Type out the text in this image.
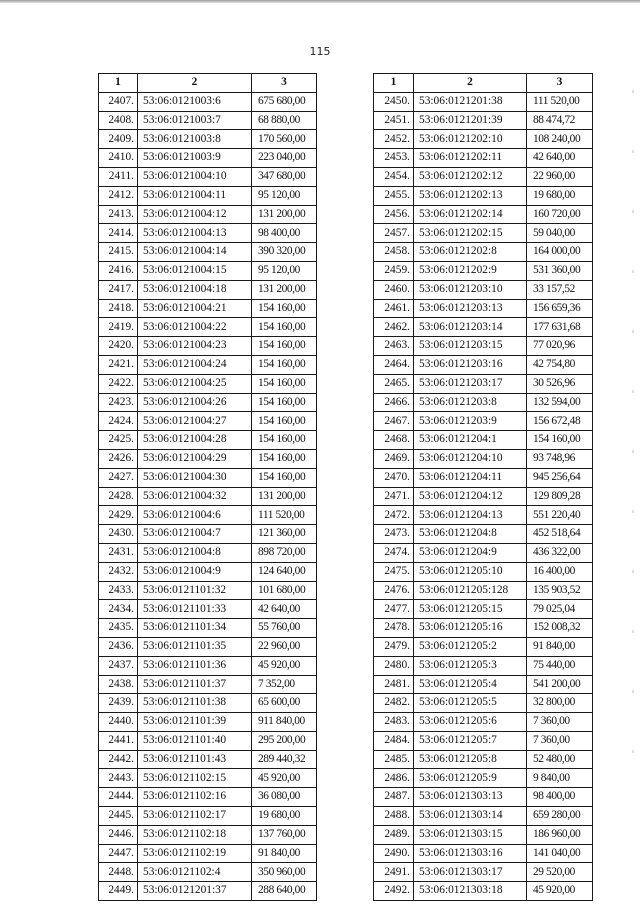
115
1	2	3
2407.	53:06:0121003:6	675 680,00
2408.	53:06:0121003:7	68 880,00
2409.	53:06:0121003:8	170 560,00
2410.	53:06:0121003:9	223 040,00
2411.	53:06:0121004:10	347 680,00
2412.	53:06:0121004:11	95 120,00
2413.	53:06:0121004:12	131 200,00
2414.	53:06:0121004:13	98 400,00
2415.	53:06:0121004:14	390 320,00
2416.	53:06:0121004:15	95 120,00
2417.	53:06:0121004:18	131 200,00
2418.	53:06:0121004:21	154 160,00
2419.	53:06:0121004:22	154 160,00
2420.	53:06:0121004:23	154 160,00
2421.	53:06:0121004:24	154 160,00
2422.	53:06:0121004:25	154 160,00
2423.	53:06:0121004:26	154 160,00
2424.	53:06:0121004:27	154 160,00
2425.	53:06:0121004:28	154 160,00
2426.	53:06:0121004:29	154 160,00
2427.	53:06:0121004:30	154 160,00
2428.	53:06:0121004:32	131 200,00
2429.	53:06:0121004:6	111 520,00
2430.	53:06:0121004:7	121 360,00
2431.	53:06:0121004:8	898 720,00
2432.	53:06:0121004:9	124 640,00
2433.	53:06:0121101:32	101 680,00
2434.	53:06:0121101:33	42 640,00
2435.	53:06:0121101:34	55 760,00
2436.	53:06:0121101:35	22 960,00
2437.	53:06:0121101:36	45 920,00
2438.	53:06:0121101:37	7 352,00
2439.	53:06:0121101:38	65 600,00
2440.	53:06:0121101:39	911 840,00
2441.	53:06:0121101:40	295 200,00
2442.	53:06:0121101:43	289 440,32
2443.	53:06:0121102:15	45 920,00
2444.	53:06:0121102:16	36 080,00
2445.	53:06:0121102:17	19 680,00
2446.	53:06:0121102:18	137 760,00
2447.	53:06:0121102:19	91 840,00
2448.	53:06:0121102:4	350 960,00
2449.	53:06:0121201:37	288 640,00
1	2	3
2450.	53:06:0121201:38	111 520,00
2451.	53:06:0121201:39	88 474,72
2452.	53:06:0121202:10	108 240,00
2453.	53:06:0121202:11	42 640,00
2454.	53:06:0121202:12	22 960,00
2455.	53:06:0121202:13	19 680,00
2456.	53:06:0121202:14	160 720,00
2457.	53:06:0121202:15	59 040,00
2458.	53:06:0121202:8	164 000,00
2459.	53:06:0121202:9	531 360,00
2460.	53:06:0121203:10	33 157,52
2461.	53:06:0121203:13	156 659,36
2462.	53:06:0121203:14	177 631,68
2463.	53:06:0121203:15	77 020,96
2464.	53:06:0121203:16	42 754,80
2465.	53:06:0121203:17	30 526,96
2466.	53:06:0121203:8	132 594,00
2467.	53:06:0121203:9	156 672,48
2468.	53:06:0121204:1	154 160,00
2469.	53:06:0121204:10	93 748,96
2470.	53:06:0121204:11	945 256,64
2471.	53:06:0121204:12	129 809,28
2472.	53:06:0121204:13	551 220,40
2473.	53:06:0121204:8	452 518,64
2474.	53:06:0121204:9	436 322,00
2475.	53:06:0121205:10	16 400,00
2476.	53:06:0121205:128	135 903,52
2477.	53:06:0121205:15	79 025,04
2478.	53:06:0121205:16	152 008,32
2479.	53:06:0121205:2	91 840,00
2480.	53:06:0121205:3	75 440,00
2481.	53:06:0121205:4	541 200,00
2482.	53:06:0121205:5	32 800,00
2483.	53:06:0121205:6	7 360,00
2484.	53:06:0121205:7	7 360,00
2485.	53:06:0121205:8	52 480,00
2486.	53:06:0121205:9	9 840,00
2487.	53:06:0121303:13	98 400,00
2488.	53:06:0121303:14	659 280,00
2489.	53:06:0121303:15	186 960,00
2490.	53:06:0121303:16	141 040,00
2491.	53:06:0121303:17	29 520,00
2492.	53:06:0121303:18	45 920,00
